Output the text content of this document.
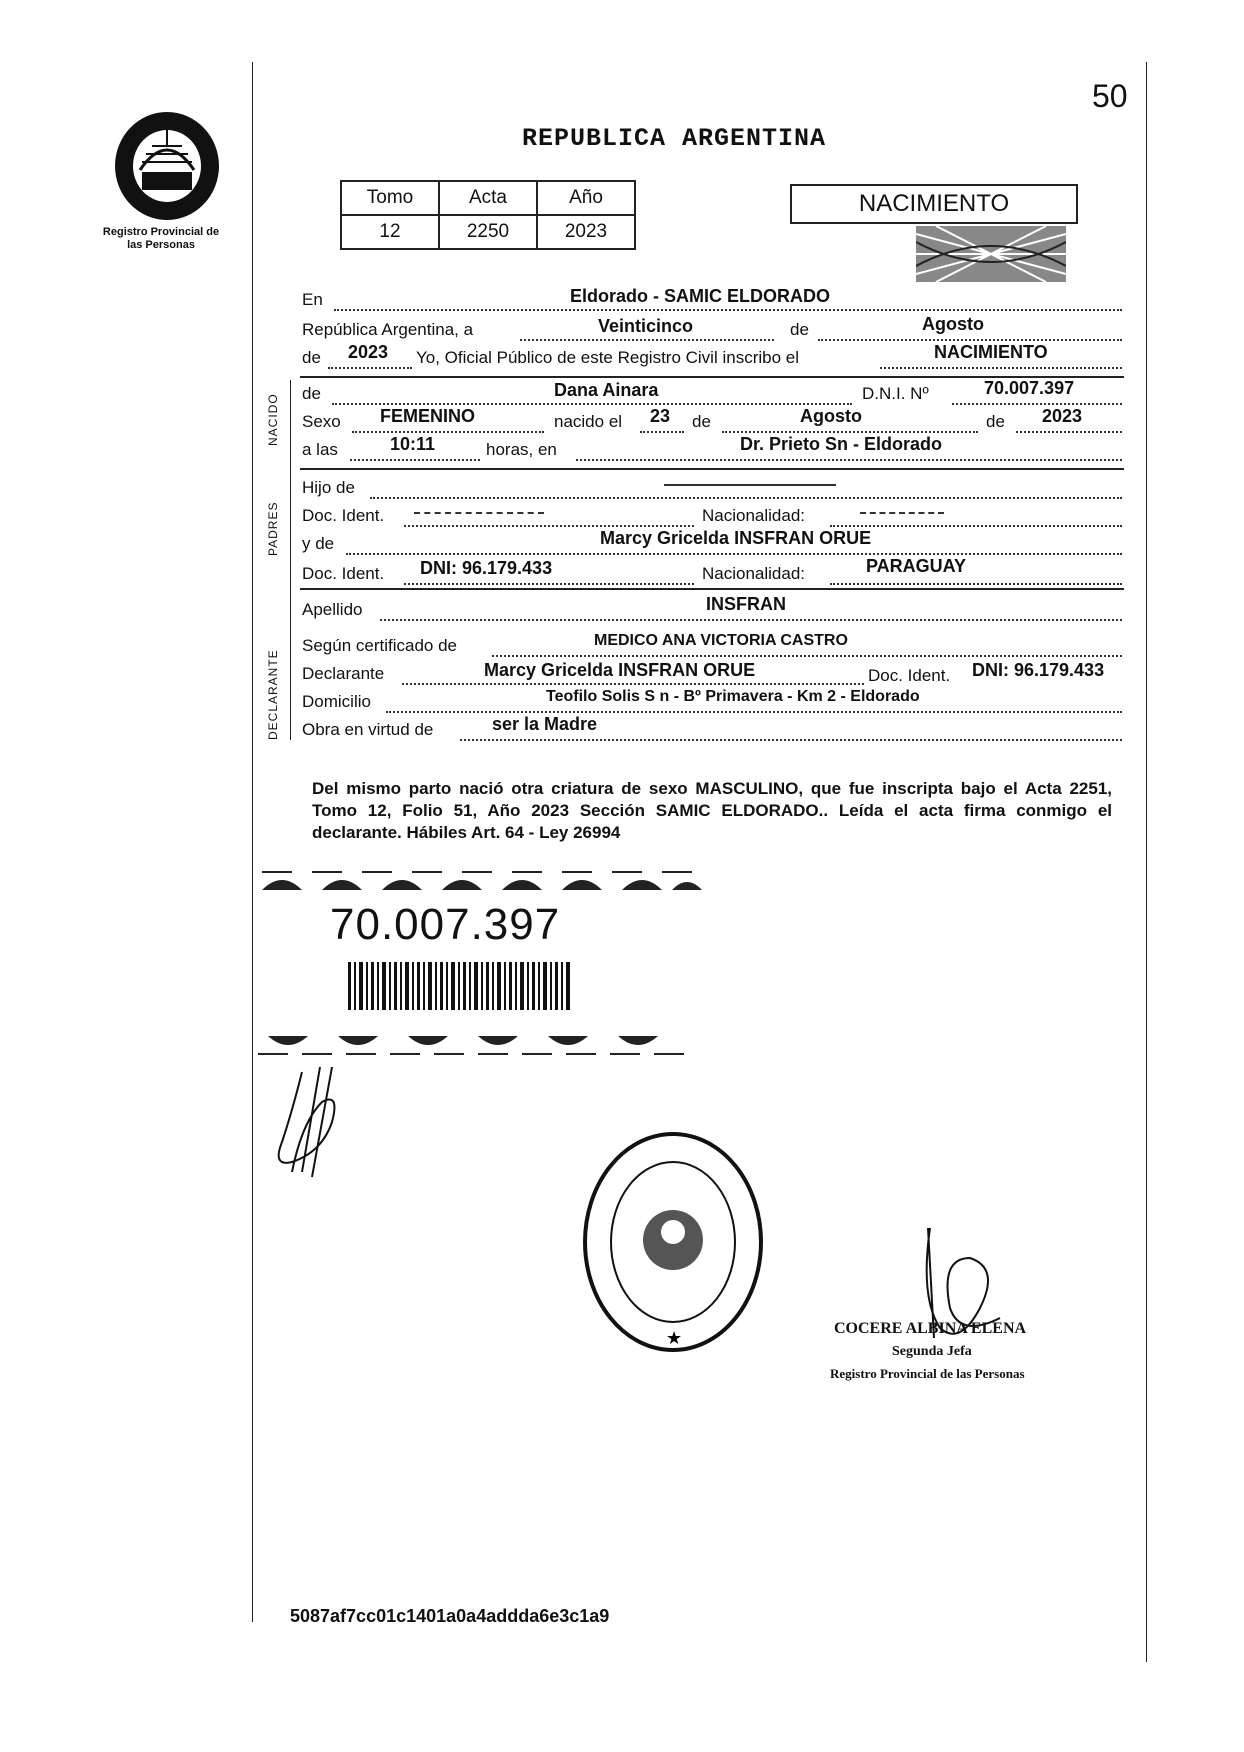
50
Registro Provincial de las Personas
REPUBLICA ARGENTINA
Tomo	Acta	Año
12	2250	2023
NACIMIENTO
En	Eldorado - SAMIC ELDORADO
República Argentina, a	Veinticinco	de	Agosto
de 2023 Yo, Oficial Público de este Registro Civil inscribo el	NACIMIENTO
NACIDO de	Dana Ainara	D.N.I. Nº	70.007.397
Sexo FEMENINO	nacido el 23 de	Agosto	de 2023
a las	10:11	horas, en	Dr. Prieto Sn - Eldorado
PADRES
Hijo de
Doc. Ident.	Nacionalidad:
y de	Marcy Gricelda INSFRAN ORUE
Doc. Ident. DNI: 96.179.433	Nacionalidad:	PARAGUAY
Apellido	INSFRAN
DECLARANTE
Según certificado de	MEDICO ANA VICTORIA CASTRO
Declarante	Marcy Gricelda INSFRAN ORUE	Doc. Ident. DNI: 96.179.433
Domicilio	Teofilo Solis S n - Bº Primavera - Km 2 - Eldorado
Obra en virtud de	ser la Madre
Del mismo parto nació otra criatura de sexo MASCULINO, que fue inscripta bajo el Acta 2251, Tomo 12, Folio 51, Año 2023 Sección SAMIC ELDORADO.. Leída el acta firma conmigo el declarante. Hábiles Art. 64 - Ley 26994
70.007.397
★	COCERE ALBINA ELENA
Segunda Jefa
Registro Provincial de las Personas
5087af7cc01c1401a0a4addda6e3c1a9
